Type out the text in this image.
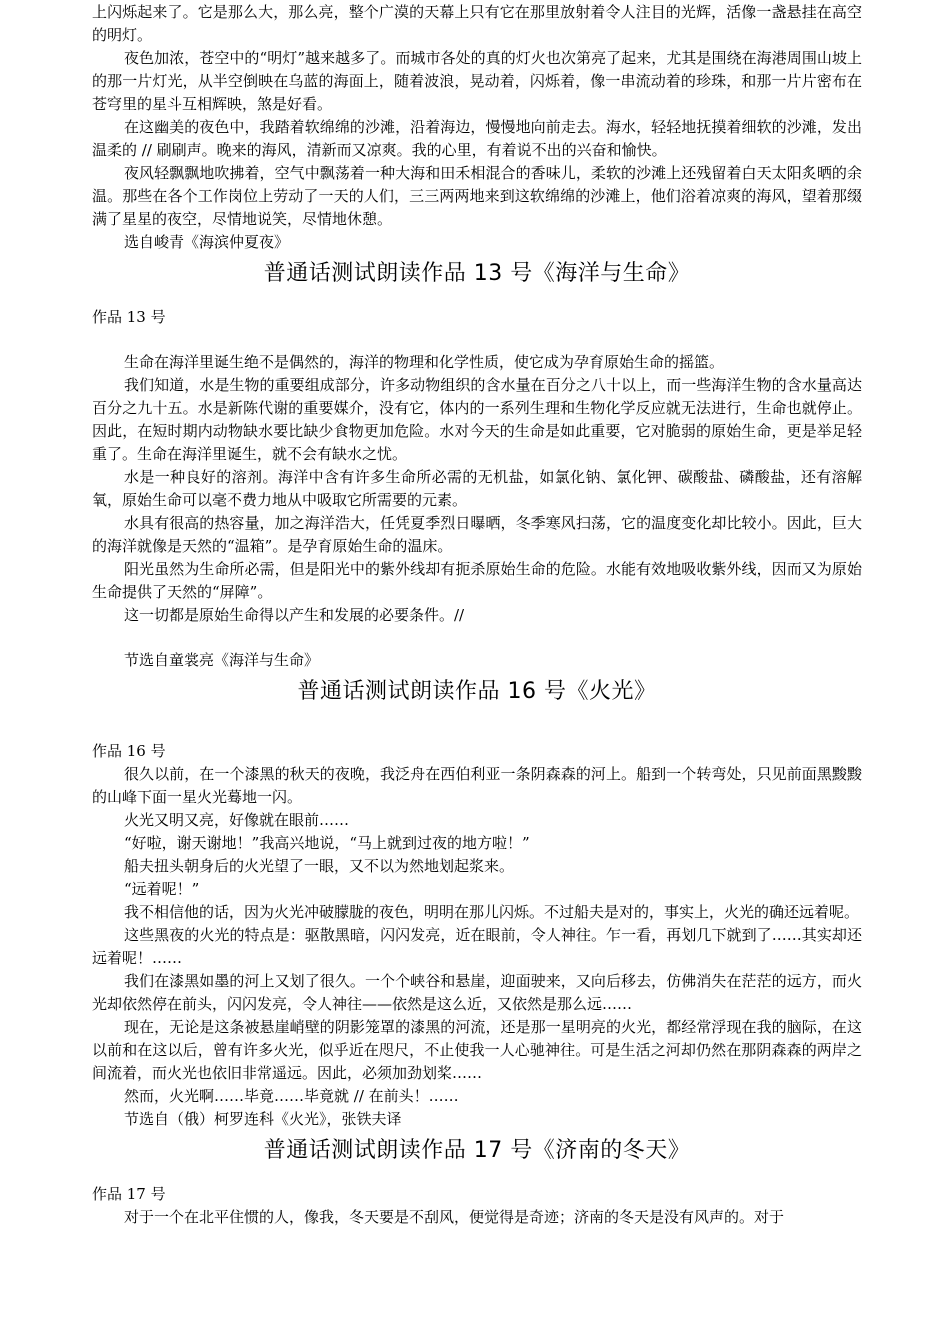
上闪烁起来了。它是那么大，那么亮，整个广漠的天幕上只有它在那里放射着令人注目的光辉，活像一盏悬挂在高空的明灯。

夜色加浓，苍空中的“明灯”越来越多了。而城市各处的真的灯火也次第亮了起来，尤其是围绕在海港周围山坡上的那一片灯光，从半空倒映在乌蓝的海面上，随着波浪，晃动着，闪烁着，像一串流动着的珍珠，和那一片片密布在苍穹里的星斗互相辉映，煞是好看。

在这幽美的夜色中，我踏着软绵绵的沙滩，沿着海边，慢慢地向前走去。海水，轻轻地抚摸着细软的沙滩，发出温柔的 // 刷刷声。晚来的海风，清新而又凉爽。我的心里，有着说不出的兴奋和愉快。

夜风轻飘飘地吹拂着，空气中飘荡着一种大海和田禾相混合的香味儿，柔软的沙滩上还残留着白天太阳炙晒的余温。那些在各个工作岗位上劳动了一天的人们，三三两两地来到这软绵绵的沙滩上，他们浴着凉爽的海风，望着那缀满了星星的夜空，尽情地说笑，尽情地休憩。

选自峻青《海滨仲夏夜》

普通话测试朗读作品 13 号《海洋与生命》

作品 13 号

生命在海洋里诞生绝不是偶然的，海洋的物理和化学性质，使它成为孕育原始生命的摇篮。

我们知道，水是生物的重要组成部分，许多动物组织的含水量在百分之八十以上，而一些海洋生物的含水量高达百分之九十五。水是新陈代谢的重要媒介，没有它，体内的一系列生理和生物化学反应就无法进行，生命也就停止。因此，在短时期内动物缺水要比缺少食物更加危险。水对今天的生命是如此重要，它对脆弱的原始生命，更是举足轻重了。生命在海洋里诞生，就不会有缺水之忧。

水是一种良好的溶剂。海洋中含有许多生命所必需的无机盐，如氯化钠、氯化钾、碳酸盐、磷酸盐，还有溶解氧，原始生命可以毫不费力地从中吸取它所需要的元素。

水具有很高的热容量，加之海洋浩大，任凭夏季烈日曝晒，冬季寒风扫荡，它的温度变化却比较小。因此，巨大的海洋就像是天然的“温箱”。是孕育原始生命的温床。

阳光虽然为生命所必需，但是阳光中的紫外线却有扼杀原始生命的危险。水能有效地吸收紫外线，因而又为原始生命提供了天然的“屏障”。

这一切都是原始生命得以产生和发展的必要条件。//

节选自童裳亮《海洋与生命》

普通话测试朗读作品 16 号《火光》

作品 16 号

很久以前，在一个漆黑的秋天的夜晚，我泛舟在西伯利亚一条阴森森的河上。船到一个转弯处，只见前面黑黢黢的山峰下面一星火光蓦地一闪。

火光又明又亮，好像就在眼前……

“好啦，谢天谢地！”我高兴地说，“马上就到过夜的地方啦！”

船夫扭头朝身后的火光望了一眼，又不以为然地划起浆来。

“远着呢！”

我不相信他的话，因为火光冲破朦胧的夜色，明明在那儿闪烁。不过船夫是对的，事实上，火光的确还远着呢。

这些黑夜的火光的特点是：驱散黑暗，闪闪发亮，近在眼前，令人神往。乍一看，再划几下就到了……其实却还远着呢！……

我们在漆黑如墨的河上又划了很久。一个个峡谷和悬崖，迎面驶来，又向后移去，仿佛消失在茫茫的远方，而火光却依然停在前头，闪闪发亮，令人神往——依然是这么近，又依然是那么远……

现在，无论是这条被悬崖峭壁的阴影笼罩的漆黑的河流，还是那一星明亮的火光，都经常浮现在我的脑际，在这以前和在这以后，曾有许多火光，似乎近在咫尺，不止使我一人心驰神往。可是生活之河却仍然在那阴森森的两岸之间流着，而火光也依旧非常遥远。因此，必须加劲划桨……

然而，火光啊……毕竟……毕竟就 // 在前头！……

节选自（俄）柯罗连科《火光》，张铁夫译

普通话测试朗读作品 17 号《济南的冬天》

作品 17 号

对于一个在北平住惯的人，像我，冬天要是不刮风，便觉得是奇迹；济南的冬天是没有风声的。对于
